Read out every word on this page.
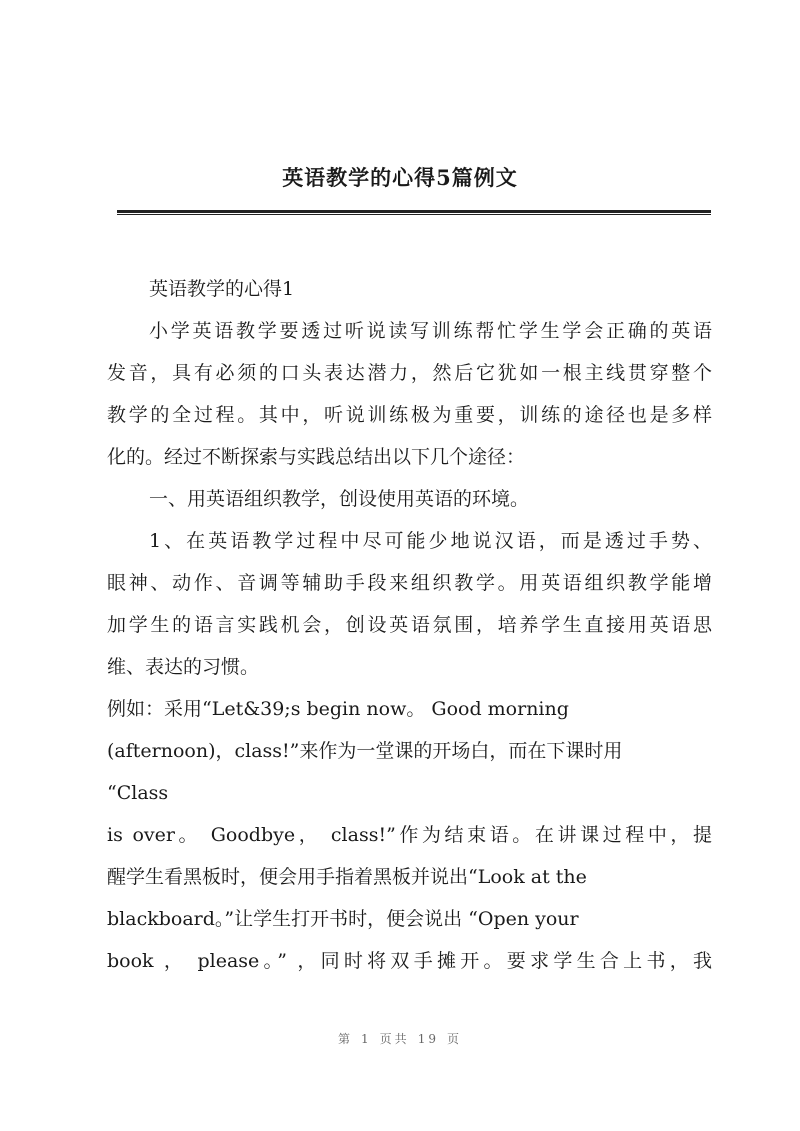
英语教学的心得5篇例文

英语教学的心得1

小学英语教学要透过听说读写训练帮忙学生学会正确的英语

发音，具有必须的口头表达潜力，然后它犹如一根主线贯穿整个

教学的全过程。其中，听说训练极为重要，训练的途径也是多样

化的。经过不断探索与实践总结出以下几个途径：

一、用英语组织教学，创设使用英语的环境。

1、在英语教学过程中尽可能少地说汉语，而是透过手势、

眼神、动作、音调等辅助手段来组织教学。用英语组织教学能增

加学生的语言实践机会，创设英语氛围，培养学生直接用英语思

维、表达的习惯。

例如：采用“Let&39;s begin now。 Good morning

(afternoon)，class!”来作为一堂课的开场白，而在下课时用

“Class

is over。 Goodbye， class!”作为结束语。在讲课过程中，提

醒学生看黑板时，便会用手指着黑板并说出“Look at the

blackboard。”让学生打开书时，便会说出 “Open your

book ， please。” ，同时将双手摊开。要求学生合上书，我

第 1 页共 19 页
